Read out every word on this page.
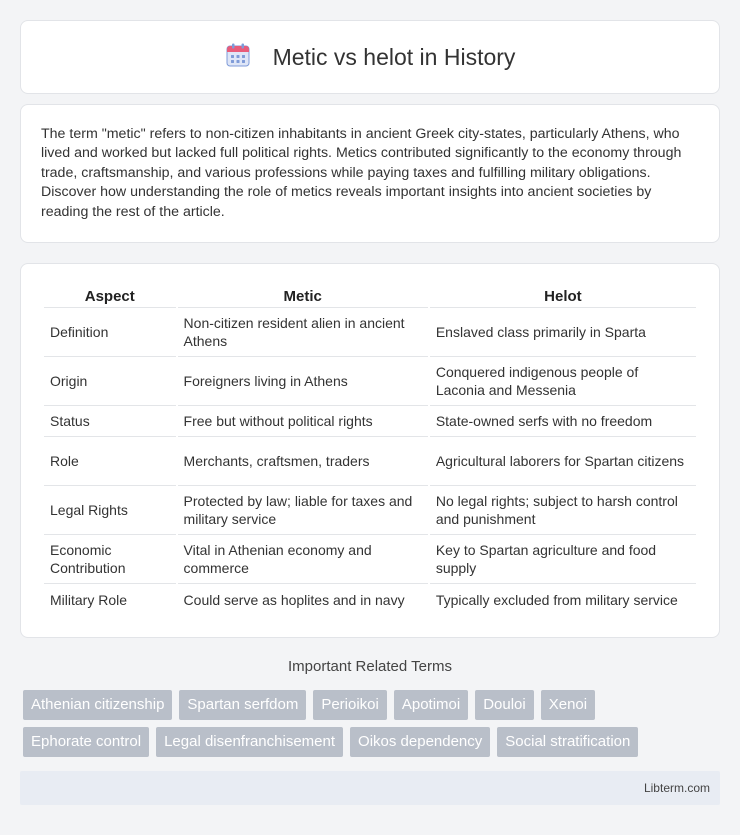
Metic vs helot in History

The term "metic" refers to non-citizen inhabitants in ancient Greek city-states, particularly Athens, who lived and worked but lacked full political rights. Metics contributed significantly to the economy through trade, craftsmanship, and various professions while paying taxes and fulfilling military obligations. Discover how understanding the role of metics reveals important insights into ancient societies by reading the rest of the article.

Aspect	Metic	Helot
Definition	Non-citizen resident alien in ancient Athens	Enslaved class primarily in Sparta
Origin	Foreigners living in Athens	Conquered indigenous people of Laconia and Messenia
Status	Free but without political rights	State-owned serfs with no freedom
Role	Merchants, craftsmen, traders	Agricultural laborers for Spartan citizens
Legal Rights	Protected by law; liable for taxes and military service	No legal rights; subject to harsh control and punishment
Economic Contribution	Vital in Athenian economy and commerce	Key to Spartan agriculture and food supply
Military Role	Could serve as hoplites and in navy	Typically excluded from military service
Important Related Terms
Athenian citizenship	Spartan serfdom	Perioikoi	Apotimoi	Douloi	Xenoi
Ephorate control	Legal disenfranchisement	Oikos dependency	Social stratification
Libterm.com
